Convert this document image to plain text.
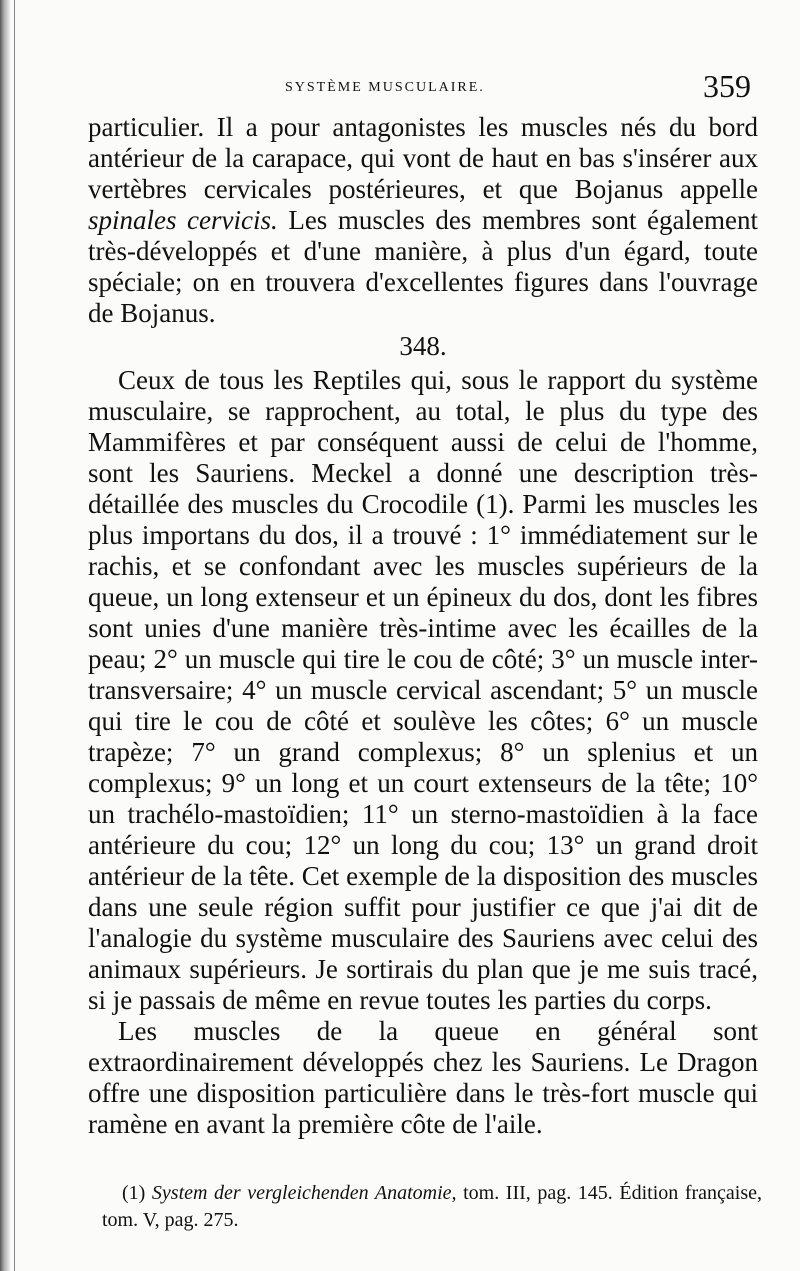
SYSTÈME MUSCULAIRE.	359

particulier. Il a pour antagonistes les muscles nés du bord antérieur de la carapace, qui vont de haut en bas s'insérer aux vertèbres cervicales postérieures, et que Bojanus appelle spinales cervicis. Les muscles des membres sont également très-développés et d'une manière, à plus d'un égard, toute spéciale; on en trouvera d'excellentes figures dans l'ouvrage de Bojanus.

348.

Ceux de tous les Reptiles qui, sous le rapport du système musculaire, se rapprochent, au total, le plus du type des Mammifères et par conséquent aussi de celui de l'homme, sont les Sauriens. Meckel a donné une description très-détaillée des muscles du Crocodile (1). Parmi les muscles les plus importans du dos, il a trouvé : 1° immédiatement sur le rachis, et se confondant avec les muscles supérieurs de la queue, un long extenseur et un épineux du dos, dont les fibres sont unies d'une manière très-intime avec les écailles de la peau; 2° un muscle qui tire le cou de côté; 3° un muscle inter-transversaire; 4° un muscle cervical ascendant; 5° un muscle qui tire le cou de côté et soulève les côtes; 6° un muscle trapèze; 7° un grand complexus; 8° un splenius et un complexus; 9° un long et un court extenseurs de la tête; 10° un trachélo-mastoïdien; 11° un sterno-mastoïdien à la face antérieure du cou; 12° un long du cou; 13° un grand droit antérieur de la tête. Cet exemple de la disposition des muscles dans une seule région suffit pour justifier ce que j'ai dit de l'analogie du système musculaire des Sauriens avec celui des animaux supérieurs. Je sortirais du plan que je me suis tracé, si je passais de même en revue toutes les parties du corps.

Les muscles de la queue en général sont extraordinairement développés chez les Sauriens. Le Dragon offre une disposition particulière dans le très-fort muscle qui ramène en avant la première côte de l'aile.

(1) System der vergleichenden Anatomie, tom. III, pag. 145. Édition française, tom. V, pag. 275.
